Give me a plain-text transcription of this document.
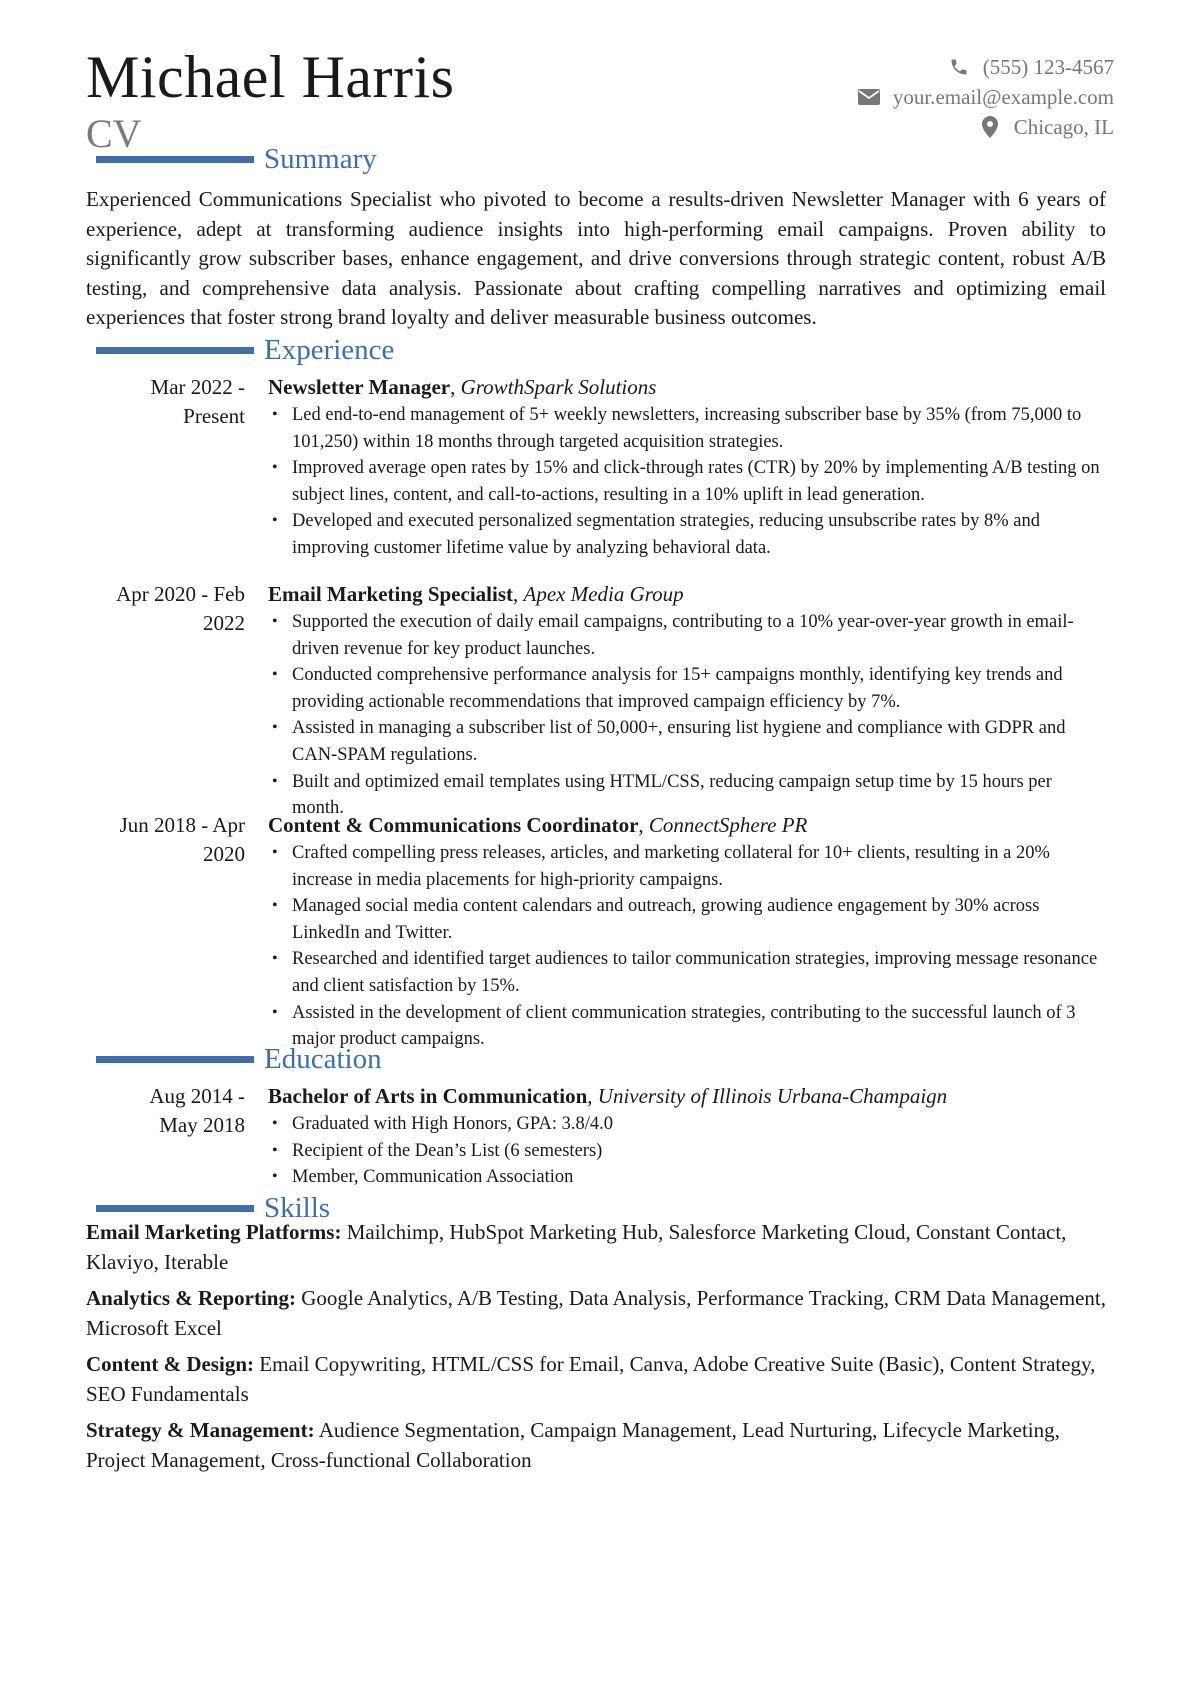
Michael Harris
CV
(555) 123-4567
your.email@example.com
Chicago, IL
Summary
Experienced Communications Specialist who pivoted to become a results-driven Newsletter Manager with 6 years of experience, adept at transforming audience insights into high-performing email campaigns. Proven ability to significantly grow subscriber bases, enhance engagement, and drive conversions through strategic content, robust A/B testing, and comprehensive data analysis. Passionate about crafting compelling narratives and optimizing email experiences that foster strong brand loyalty and deliver measurable business outcomes.
Experience
Mar 2022 -
Present
Newsletter Manager, GrowthSpark Solutions
• Led end-to-end management of 5+ weekly newsletters, increasing subscriber base by 35% (from 75,000 to 101,250) within 18 months through targeted acquisition strategies.
• Improved average open rates by 15% and click-through rates (CTR) by 20% by implementing A/B testing on subject lines, content, and call-to-actions, resulting in a 10% uplift in lead generation.
• Developed and executed personalized segmentation strategies, reducing unsubscribe rates by 8% and improving customer lifetime value by analyzing behavioral data.
Apr 2020 - Feb
2022
Email Marketing Specialist, Apex Media Group
• Supported the execution of daily email campaigns, contributing to a 10% year-over-year growth in email-driven revenue for key product launches.
• Conducted comprehensive performance analysis for 15+ campaigns monthly, identifying key trends and providing actionable recommendations that improved campaign efficiency by 7%.
• Assisted in managing a subscriber list of 50,000+, ensuring list hygiene and compliance with GDPR and CAN-SPAM regulations.
• Built and optimized email templates using HTML/CSS, reducing campaign setup time by 15 hours per month.
Jun 2018 - Apr
2020
Content & Communications Coordinator, ConnectSphere PR
• Crafted compelling press releases, articles, and marketing collateral for 10+ clients, resulting in a 20% increase in media placements for high-priority campaigns.
• Managed social media content calendars and outreach, growing audience engagement by 30% across LinkedIn and Twitter.
• Researched and identified target audiences to tailor communication strategies, improving message resonance and client satisfaction by 15%.
• Assisted in the development of client communication strategies, contributing to the successful launch of 3 major product campaigns.
Education
Aug 2014 -
May 2018
Bachelor of Arts in Communication, University of Illinois Urbana-Champaign
• Graduated with High Honors, GPA: 3.8/4.0
• Recipient of the Dean’s List (6 semesters)
• Member, Communication Association
Skills
Email Marketing Platforms: Mailchimp, HubSpot Marketing Hub, Salesforce Marketing Cloud, Constant Contact, Klaviyo, Iterable
Analytics & Reporting: Google Analytics, A/B Testing, Data Analysis, Performance Tracking, CRM Data Management, Microsoft Excel
Content & Design: Email Copywriting, HTML/CSS for Email, Canva, Adobe Creative Suite (Basic), Content Strategy, SEO Fundamentals
Strategy & Management: Audience Segmentation, Campaign Management, Lead Nurturing, Lifecycle Marketing, Project Management, Cross-functional Collaboration
